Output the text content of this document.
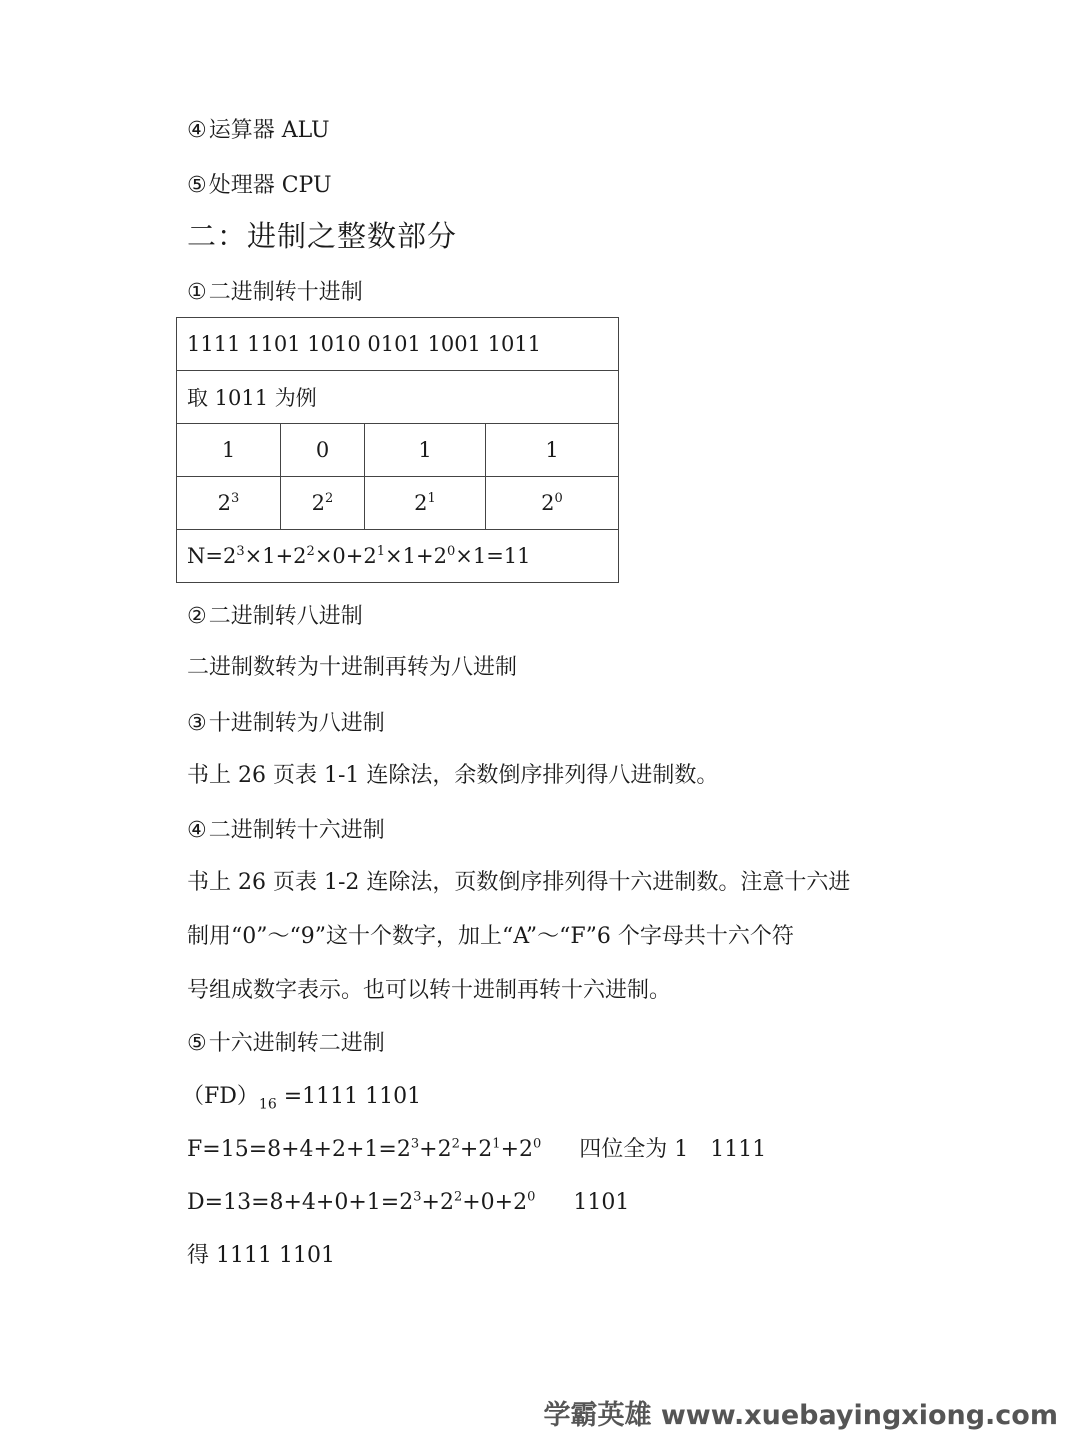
④运算器 ALU
⑤处理器 CPU
二：进制之整数部分
①二进制转十进制
1111 1101 1010 0101 1001 1011			
取 1011 为例			
1	0	1	1
$2^3$	$2^2$	$2^1$	$2^0$
$N=2^3\times 1+2^2\times 0+2^1\times 1+2^0\times 1=11$			
②二进制转八进制
二进制数转为十进制再转为八进制
③十进制转为八进制
书上 26 页表 1-1 连除法，余数倒序排列得八进制数。
④二进制转十六进制
书上 26 页表 1-2 连除法，页数倒序排列得十六进制数。注意十六进
制用“0”～“9”这十个数字，加上“A”～“F”6 个字母共十六个符
号组成数字表示。也可以转十进制再转十六进制。
⑤十六进制转二进制
$(FD)_{16} =1111$ 1101
$F=15=8+4+2+1=2^3+2^2+2^1+2^0$ 四位全为 1　1111
$D=13=8+4+0+1=2^3+2^2+0+2^0$ 1101
得 1111 1101
学霸英雄 www.xuebayingxiong.com
